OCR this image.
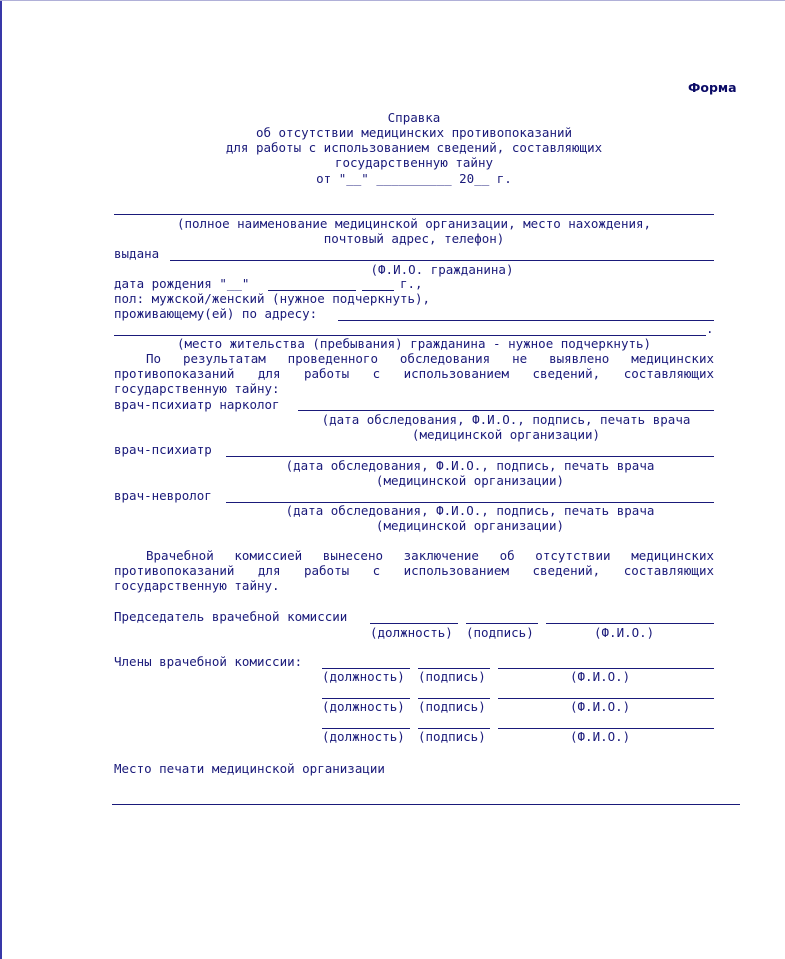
Форма
Справка
об отсутствии медицинских противопоказаний
для работы с использованием сведений, составляющих
государственную тайну
от "__" __________ 20__ г.
(полное наименование медицинской организации, место нахождения,
почтовый адрес, телефон)
выдана
(Ф.И.О. гражданина)
дата рождения "__"	г.,
пол: мужской/женский (нужное подчеркнуть),
проживающему(ей) по адресу:
.
(место жительства (пребывания) гражданина - нужное подчеркнуть)
По результатам проведенного обследования не выявлено медицинских противопоказаний для работы с использованием сведений, составляющих государственную тайну:
врач-психиатр нарколог
(дата обследования, Ф.И.О., подпись, печать врача
(медицинской организации)
врач-психиатр
(дата обследования, Ф.И.О., подпись, печать врача
(медицинской организации)
врач-невролог
(дата обследования, Ф.И.О., подпись, печать врача
(медицинской организации)
Врачебной комиссией вынесено заключение об отсутствии медицинских противопоказаний для работы с использованием сведений, составляющих государственную тайну.
Председатель врачебной комиссии
(должность) (подпись)	(Ф.И.О.)
Члены врачебной комиссии:
(должность) (подпись)	(Ф.И.О.)
(должность) (подпись)	(Ф.И.О.)
(должность) (подпись)	(Ф.И.О.)
Место печати медицинской организации
